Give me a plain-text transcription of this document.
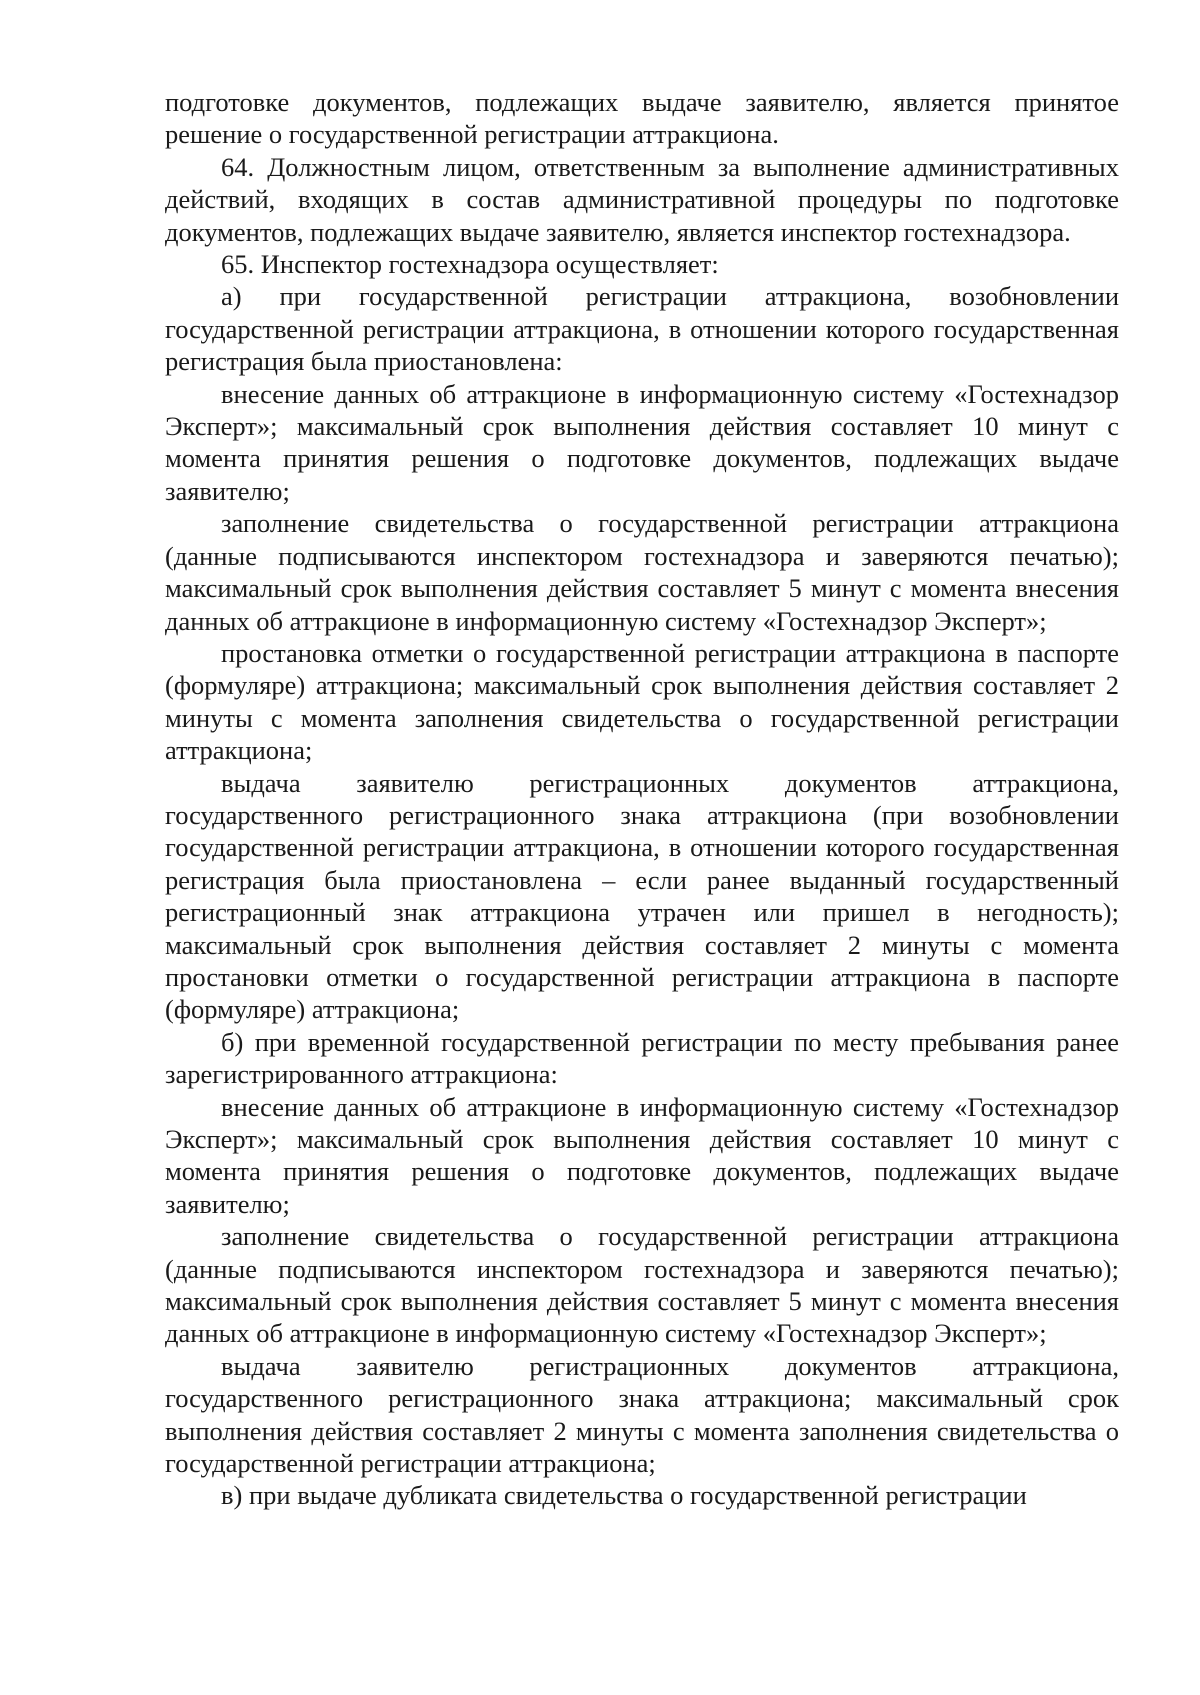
подготовке документов, подлежащих выдаче заявителю, является принятое решение о государственной регистрации аттракциона.

64. Должностным лицом, ответственным за выполнение административных действий, входящих в состав административной процедуры по подготовке документов, подлежащих выдаче заявителю, является инспектор гостехнадзора.

65. Инспектор гостехнадзора осуществляет:

а) при государственной регистрации аттракциона, возобновлении государственной регистрации аттракциона, в отношении которого государственная регистрация была приостановлена:

внесение данных об аттракционе в информационную систему «Гостехнадзор Эксперт»; максимальный срок выполнения действия составляет 10 минут с момента принятия решения о подготовке документов, подлежащих выдаче заявителю;

заполнение свидетельства о государственной регистрации аттракциона (данные подписываются инспектором гостехнадзора и заверяются печатью); максимальный срок выполнения действия составляет 5 минут с момента внесения данных об аттракционе в информационную систему «Гостехнадзор Эксперт»;

простановка отметки о государственной регистрации аттракциона в паспорте (формуляре) аттракциона; максимальный срок выполнения действия составляет 2 минуты с момента заполнения свидетельства о государственной регистрации аттракциона;

выдача заявителю регистрационных документов аттракциона, государственного регистрационного знака аттракциона (при возобновлении государственной регистрации аттракциона, в отношении которого государственная регистрация была приостановлена – если ранее выданный государственный регистрационный знак аттракциона утрачен или пришел в негодность); максимальный срок выполнения действия составляет 2 минуты с момента простановки отметки о государственной регистрации аттракциона в паспорте (формуляре) аттракциона;

б) при временной государственной регистрации по месту пребывания ранее зарегистрированного аттракциона:

внесение данных об аттракционе в информационную систему «Гостехнадзор Эксперт»; максимальный срок выполнения действия составляет 10 минут с момента принятия решения о подготовке документов, подлежащих выдаче заявителю;

заполнение свидетельства о государственной регистрации аттракциона (данные подписываются инспектором гостехнадзора и заверяются печатью); максимальный срок выполнения действия составляет 5 минут с момента внесения данных об аттракционе в информационную систему «Гостехнадзор Эксперт»;

выдача заявителю регистрационных документов аттракциона, государственного регистрационного знака аттракциона; максимальный срок выполнения действия составляет 2 минуты с момента заполнения свидетельства о государственной регистрации аттракциона;

в) при выдаче дубликата свидетельства о государственной регистрации
